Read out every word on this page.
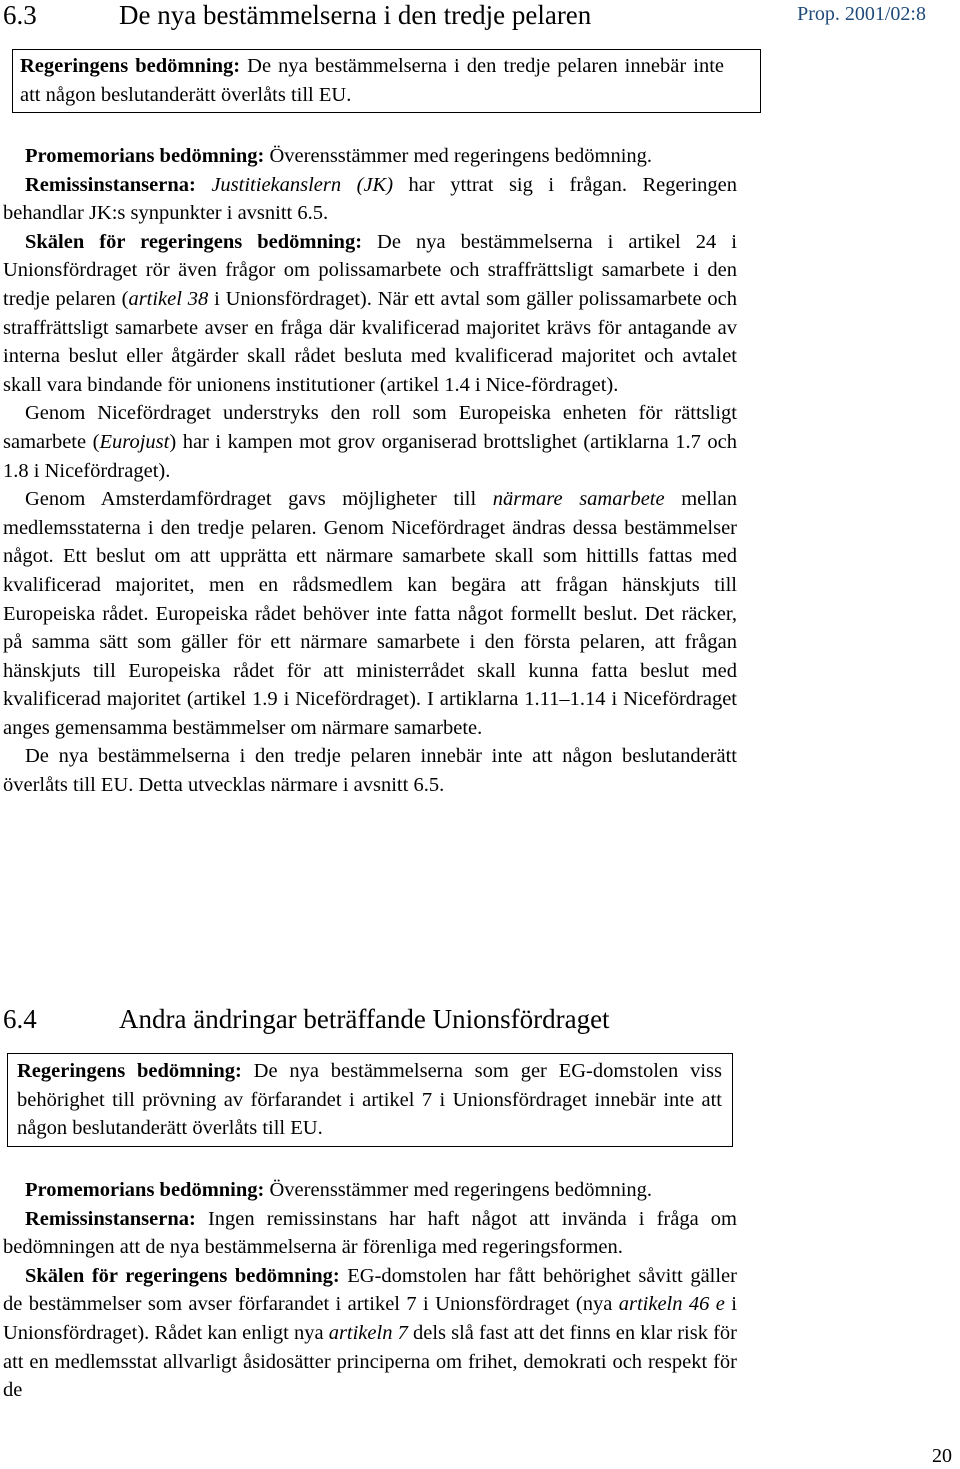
6.3	De nya bestämmelserna i den tredje pelaren	Prop. 2001/02:8
Regeringens bedömning: De nya bestämmelserna i den tredje pelaren innebär inte att någon beslutanderätt överlåts till EU.

Promemorians bedömning: Överensstämmer med regeringens bedömning.

Remissinstanserna: Justitiekanslern (JK) har yttrat sig i frågan. Regeringen behandlar JK:s synpunkter i avsnitt 6.5.

Skälen för regeringens bedömning: De nya bestämmelserna i artikel 24 i Unionsfördraget rör även frågor om polissamarbete och straffrättsligt samarbete i den tredje pelaren (artikel 38 i Unionsfördraget). När ett avtal som gäller polissamarbete och straffrättsligt samarbete avser en fråga där kvalificerad majoritet krävs för antagande av interna beslut eller åtgärder skall rådet besluta med kvalificerad majoritet och avtalet skall vara bindande för unionens institutioner (artikel 1.4 i Nice-fördraget).

Genom Nicefördraget understryks den roll som Europeiska enheten för rättsligt samarbete (Eurojust) har i kampen mot grov organiserad brottslighet (artiklarna 1.7 och 1.8 i Nicefördraget).

Genom Amsterdamfördraget gavs möjligheter till närmare samarbete mellan medlemsstaterna i den tredje pelaren. Genom Nicefördraget ändras dessa bestämmelser något. Ett beslut om att upprätta ett närmare samarbete skall som hittills fattas med kvalificerad majoritet, men en rådsmedlem kan begära att frågan hänskjuts till Europeiska rådet. Europeiska rådet behöver inte fatta något formellt beslut. Det räcker, på samma sätt som gäller för ett närmare samarbete i den första pelaren, att frågan hänskjuts till Europeiska rådet för att ministerrådet skall kunna fatta beslut med kvalificerad majoritet (artikel 1.9 i Nicefördraget). I artiklarna 1.11–1.14 i Nicefördraget anges gemensamma bestämmelser om närmare samarbete.

De nya bestämmelserna i den tredje pelaren innebär inte att någon beslutanderätt överlåts till EU. Detta utvecklas närmare i avsnitt 6.5.

6.4	Andra ändringar beträffande Unionsfördraget
Regeringens bedömning: De nya bestämmelserna som ger EG-domstolen viss behörighet till prövning av förfarandet i artikel 7 i Unionsfördraget innebär inte att någon beslutanderätt överlåts till EU.

Promemorians bedömning: Överensstämmer med regeringens bedömning.

Remissinstanserna: Ingen remissinstans har haft något att invända i fråga om bedömningen att de nya bestämmelserna är förenliga med regeringsformen.

Skälen för regeringens bedömning: EG-domstolen har fått behörighet såvitt gäller de bestämmelser som avser förfarandet i artikel 7 i Unionsfördraget (nya artikeln 46 e i Unionsfördraget). Rådet kan enligt nya artikeln 7 dels slå fast att det finns en klar risk för att en medlemsstat allvarligt åsidosätter principerna om frihet, demokrati och respekt för de

20
